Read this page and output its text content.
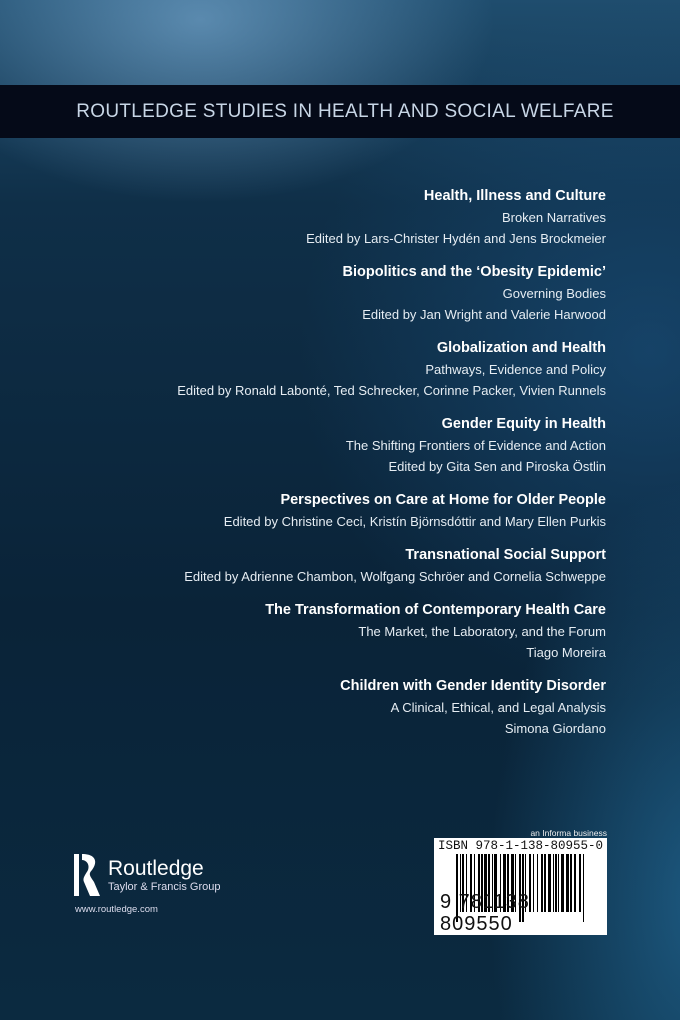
ROUTLEDGE STUDIES IN HEALTH AND SOCIAL WELFARE
Health, Illness and Culture
Broken Narratives
Edited by Lars-Christer Hydén and Jens Brockmeier
Biopolitics and the ‘Obesity Epidemic’
Governing Bodies
Edited by Jan Wright and Valerie Harwood
Globalization and Health
Pathways, Evidence and Policy
Edited by Ronald Labonté, Ted Schrecker, Corinne Packer, Vivien Runnels
Gender Equity in Health
The Shifting Frontiers of Evidence and Action
Edited by Gita Sen and Piroska Östlin
Perspectives on Care at Home for Older People
Edited by Christine Ceci, Kristín Björnsdóttir and Mary Ellen Purkis
Transnational Social Support
Edited by Adrienne Chambon, Wolfgang Schröer and Cornelia Schweppe
The Transformation of Contemporary Health Care
The Market, the Laboratory, and the Forum
Tiago Moreira
Children with Gender Identity Disorder
A Clinical, Ethical, and Legal Analysis
Simona Giordano
Routledge
Taylor & Francis Group
www.routledge.com
an Informa business
ISBN 978-1-138-80955-0
9 781138 809550
